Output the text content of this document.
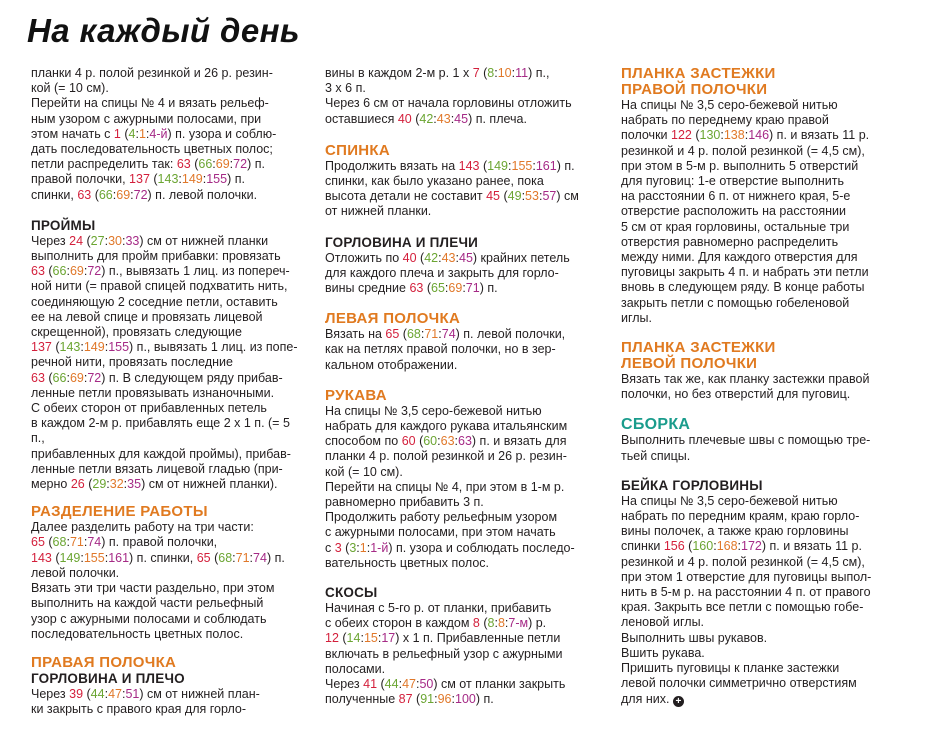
На каждый день

планки 4 р. полой резинкой и 26 р. резин-

кой (= 10 см).

Перейти на спицы № 4 и вязать рельеф-

ным узором с ажурными полосами, при

этом начать с 1 (4:1:4-й) п. узора и соблю-

дать последовательность цветных полос;

петли распределить так: 63 (66:69:72) п.

правой полочки, 137 (143:149:155) п.

спинки, 63 (66:69:72) п. левой полочки.

ПРОЙМЫ

Через 24 (27:30:33) см от нижней планки

выполнить для пройм прибавки: провязать

63 (66:69:72) п., вывязать 1 лиц. из попереч-

ной нити (= правой спицей подхватить нить,

соединяющую 2 соседние петли, оставить

ее на левой спице и провязать лицевой

скрещенной), провязать следующие

137 (143:149:155) п., вывязать 1 лиц. из попе-

речной нити, провязать последние

63 (66:69:72) п. В следующем ряду прибав-

ленные петли провязывать изнаночными.

С обеих сторон от прибавленных петель

в каждом 2-м р. прибавлять еще 2 х 1 п. (= 5 п.,

прибавленных для каждой проймы), прибав-

ленные петли вязать лицевой гладью (при-

мерно 26 (29:32:35) см от нижней планки).

РАЗДЕЛЕНИЕ РАБОТЫ

Далее разделить работу на три части:

65 (68:71:74) п. правой полочки,

143 (149:155:161) п. спинки, 65 (68:71:74) п.

левой полочки.

Вязать эти три части раздельно, при этом

выполнить на каждой части рельефный

узор с ажурными полосами и соблюдать

последовательность цветных полос.

ПРАВАЯ ПОЛОЧКА
ГОРЛОВИНА И ПЛЕЧО

Через 39 (44:47:51) см от нижней план-

ки закрыть с правого края для горло-

вины в каждом 2-м р. 1 х 7 (8:10:11) п.,

3 х 6 п.

Через 6 см от начала горловины отложить

оставшиеся 40 (42:43:45) п. плеча.

СПИНКА

Продолжить вязать на 143 (149:155:161) п.

спинки, как было указано ранее, пока

высота детали не составит 45 (49:53:57) см

от нижней планки.

ГОРЛОВИНА И ПЛЕЧИ

Отложить по 40 (42:43:45) крайних петель

для каждого плеча и закрыть для горло-

вины средние 63 (65:69:71) п.

ЛЕВАЯ ПОЛОЧКА

Вязать на 65 (68:71:74) п. левой полочки,

как на петлях правой полочки, но в зер-

кальном отображении.

РУКАВА

На спицы № 3,5 серо-бежевой нитью

набрать для каждого рукава итальянским

способом по 60 (60:63:63) п. и вязать для

планки 4 р. полой резинкой и 26 р. резин-

кой (= 10 см).

Перейти на спицы № 4, при этом в 1-м р.

равномерно прибавить 3 п.

Продолжить работу рельефным узором

с ажурными полосами, при этом начать

с 3 (3:1:1-й) п. узора и соблюдать последо-

вательность цветных полос.

СКОСЫ

Начиная с 5-го р. от планки, прибавить

с обеих сторон в каждом 8 (8:8:7-м) р.

12 (14:15:17) х 1 п. Прибавленные петли

включать в рельефный узор с ажурными

полосами.

Через 41 (44:47:50) см от планки закрыть

полученные 87 (91:96:100) п.

ПЛАНКА ЗАСТЕЖКИ
ПРАВОЙ ПОЛОЧКИ

На спицы № 3,5 серо-бежевой нитью

набрать по переднему краю правой

полочки 122 (130:138:146) п. и вязать 11 р.

резинкой и 4 р. полой резинкой (= 4,5 см),

при этом в 5-м р. выполнить 5 отверстий

для пуговиц: 1-е отверстие выполнить

на расстоянии 6 п. от нижнего края, 5-е

отверстие расположить на расстоянии

5 см от края горловины, остальные три

отверстия равномерно распределить

между ними. Для каждого отверстия для

пуговицы закрыть 4 п. и набрать эти петли

вновь в следующем ряду. В конце работы

закрыть петли с помощью гобеленовой

иглы.

ПЛАНКА ЗАСТЕЖКИ
ЛЕВОЙ ПОЛОЧКИ

Вязать так же, как планку застежки правой

полочки, но без отверстий для пуговиц.

СБОРКА

Выполнить плечевые швы с помощью тре-

тьей спицы.

БЕЙКА ГОРЛОВИНЫ

На спицы № 3,5 серо-бежевой нитью

набрать по передним краям, краю горло-

вины полочек, а также краю горловины

спинки 156 (160:168:172) п. и вязать 11 р.

резинкой и 4 р. полой резинкой (= 4,5 см),

при этом 1 отверстие для пуговицы выпол-

нить в 5-м р. на расстоянии 4 п. от правого

края. Закрыть все петли с помощью гобе-

леновой иглы.

Выполнить швы рукавов.

Вшить рукава.

Пришить пуговицы к планке застежки

левой полочки симметрично отверстиям

для них. +
